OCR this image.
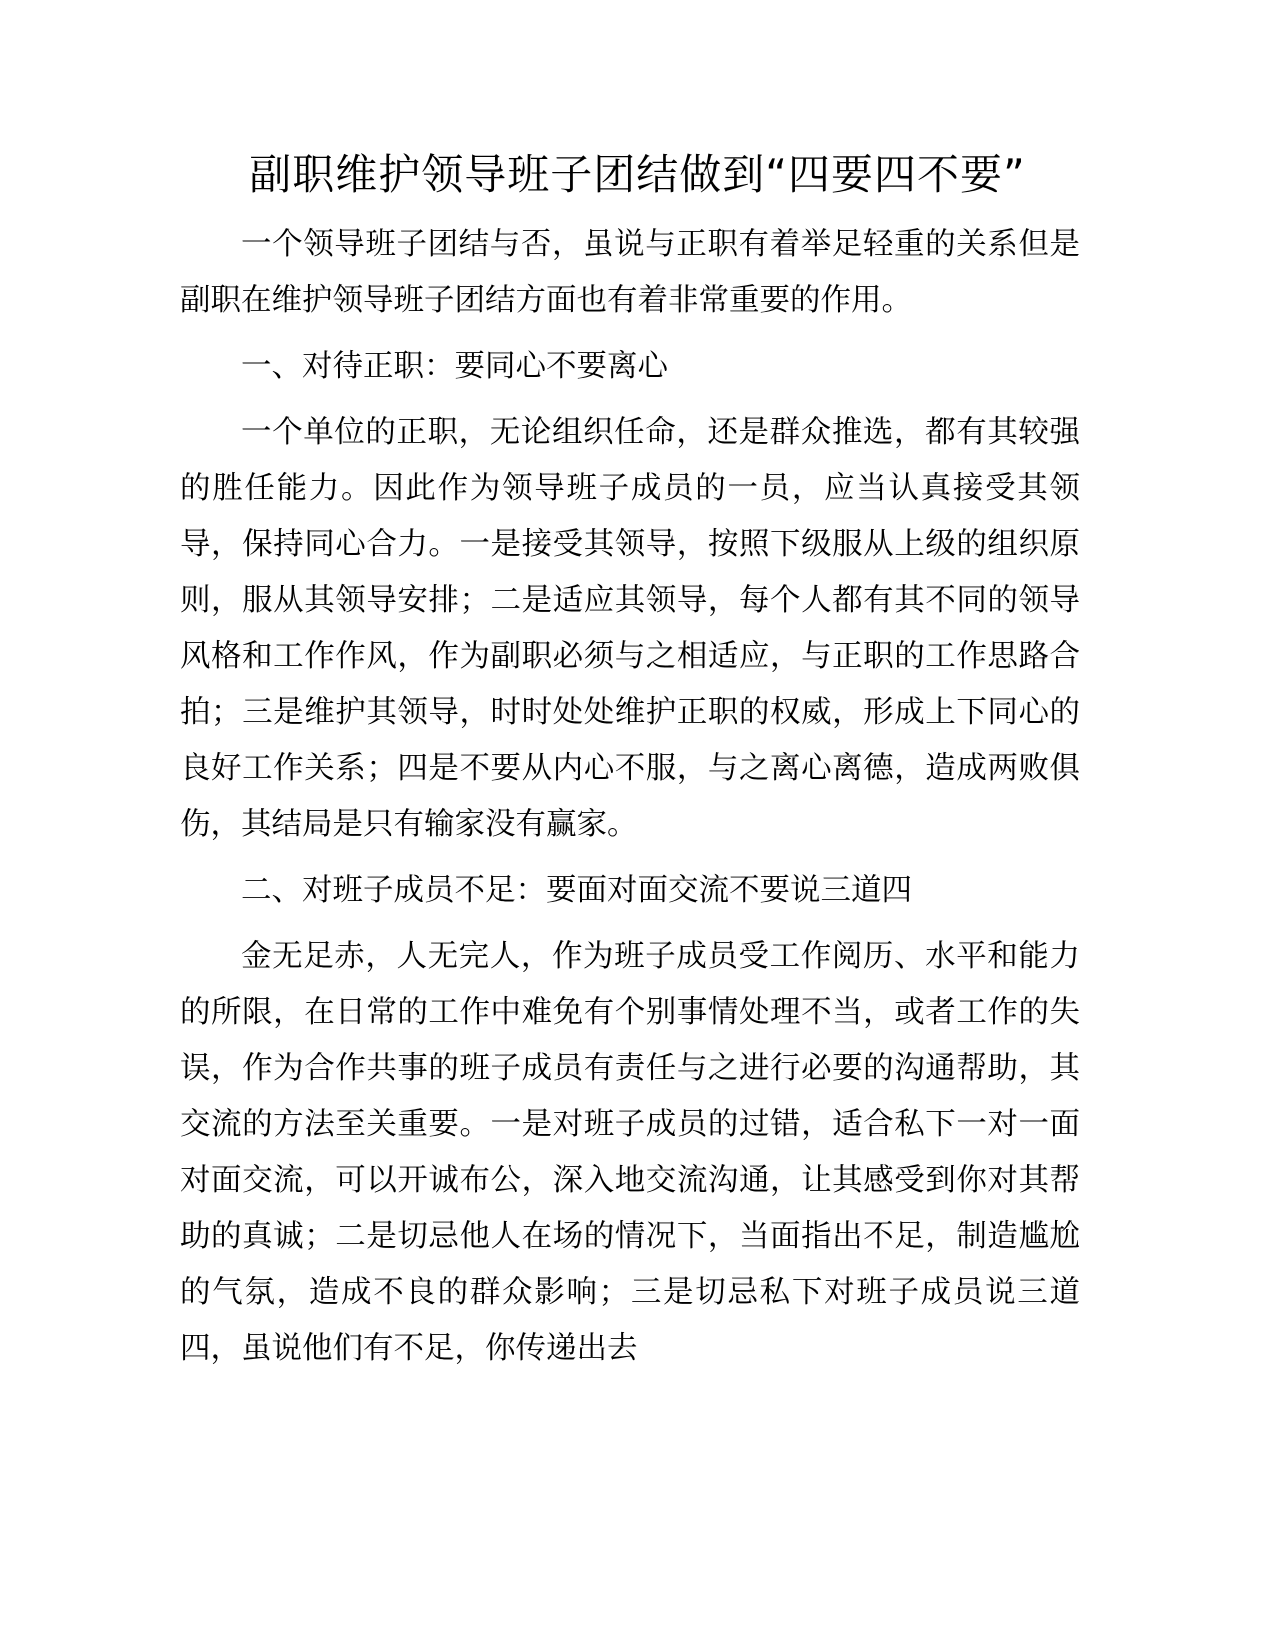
副职维护领导班子团结做到“四要四不要”

一个领导班子团结与否，虽说与正职有着举足轻重的关系但是副职在维护领导班子团结方面也有着非常重要的作用。

一、对待正职：要同心不要离心

一个单位的正职，无论组织任命，还是群众推选，都有其较强的胜任能力。因此作为领导班子成员的一员，应当认真接受其领导，保持同心合力。一是接受其领导，按照下级服从上级的组织原则，服从其领导安排；二是适应其领导，每个人都有其不同的领导风格和工作作风，作为副职必须与之相适应，与正职的工作思路合拍；三是维护其领导，时时处处维护正职的权威，形成上下同心的良好工作关系；四是不要从内心不服，与之离心离德，造成两败俱伤，其结局是只有输家没有赢家。

二、对班子成员不足：要面对面交流不要说三道四

金无足赤，人无完人，作为班子成员受工作阅历、水平和能力的所限，在日常的工作中难免有个别事情处理不当，或者工作的失误，作为合作共事的班子成员有责任与之进行必要的沟通帮助，其交流的方法至关重要。一是对班子成员的过错，适合私下一对一面对面交流，可以开诚布公，深入地交流沟通，让其感受到你对其帮助的真诚；二是切忌他人在场的情况下，当面指出不足，制造尴尬的气氛，造成不良的群众影响；三是切忌私下对班子成员说三道四，虽说他们有不足，你传递出去
